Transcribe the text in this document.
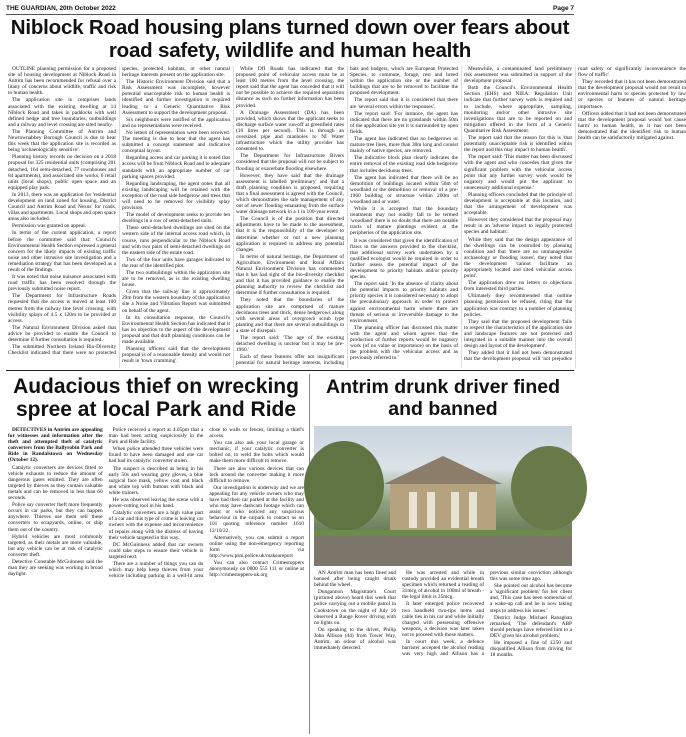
THE GUARDIAN, 20th October 2022	Page 7
Niblock Road housing plans turned down over fears about road safety, wildlife and human health

OUTLINE planning permission for a proposed site of housing development at Niblock Road in Antrim has been recommended for refusal over a litany of concerns about wildlife, traffic and risk to human health.

The application site is comprises lands associated with the existing dwelling at 14 Niblock Road and takes in paddocks with well defined hedge and tree boundaries, outbuildings and a railway and level crossing are sited nearby.

The Planning Committee of Antrim and Newtownabbey Borough Council is due to hear this week that the application site is recorded as being 'archaeologically sensitive'.

Planning history records no decision on a 2018 proposal for 325 residential units (comprising 201 detached, 164 semi-detached, 77 townhouses and 84 apartments), and associated site works, 6 retail units (local shops), public open space and an equipped play park.

In 2013, there was an application for 'residential development on land zoned for housing, District Council and Antrim Road and Nexus' for roads, villas and apartments. Local shops and open space areas also included.

Permission was granted on appeal.

In terms of the current application, a report before the committee said that: Council's Environmental Health Section expressed a general concern for the likely impacts of existing traffic noise and other intrusive site investigation and a remediation strategy that has been developed as a result of the findings.

It was noted that noise nuisance associated with road traffic has been resolved through the previously submitted noise report.

The Department for Infrastructure Roads requested that the access is moved at least 100 metres from the railway line level crossing, with visibility splays of 4.5 x 120m to be provided at access.

The Natural Environment Division asked that advice be provided to enable the Council to determine if further consultation is required.

The submitted Northern Ireland Bio-Diversity Checklist indicated that there were no protected species, protected habitats, or other natural heritage interests present on the application site.

The Historic Environment Division said that a Risk Assessment was incomplete, however potential unacceptable risk to human health is identified and further investigation is required leading to a Generic Quantitative Risk Assessment to support the development proposal.

Six neighbours were notified of the application and no representations were received.

No letters of representation were been received. The meeting is due to hear that the agent has submitted a concept statement and indicative conceptual layout.

Regarding access and car parking it is noted that access will be from Niblock Road and to adequate standards with an appropriate number of car parking spaces provided.

Regarding landscaping, the agent notes that all existing landscaping will be retained with the exception of the road side hedgerow and trees that will need to be removed for visibility splay provision.

The model of development seeks to provide ten dwellings in a row of semi-detached units.

These semi-detached dwellings are sited on the western side of the internal access road which, in course, runs perpendicular to the Niblock Road and with two pairs of semi-detached dwellings on the eastern side of the estate road.

Two of the four units have garages indicated to the rear of the identified plot.

The two outbuildings within the application site are to be removed, as is the existing dwelling house.

Given that the railway line is approximately 29m from the western boundary of the application site a Noise and Vibration Report was submitted on behalf of the agent.

In its consultation response, the Council's Environmental Health Section has indicated that it has no objection to the aspect of the development proposal and that draft planning conditions can be made available.

Planning officers said that the development proposal is of a reasonable density and would not result in 'town cramming'.

While DfI Roads has indicated that the proposed point of vehicular access must be at least 100 metres from the level crossing, the report said that the agent has conceded that it will not be possible to achieve the required separation distance as such no further information has been provided.

A Drainage Assessment (DA) has been provided, which shows that the applicant seeks to discharge surface water run-off at greenfield rates (10 litres per second). This is through an oversized pipe and manholes to NI Water infrastructure which the utility provider has consented to.

The Department for Infrastructure Rivers considered that the proposal will not be subject to flooding or exacerbate flooding elsewhere.

However, they have said that the drainage assessment is labelled 'preliminary' and that a draft planning condition is proposed, requiring that a final assessment is agreed with the Council, which demonstrates the safe management of any out of sewer flooding emanating from the surface water drainage network in a 1 in 100-year event.

The Council is of the position that directed adjustments have to be made to the assessment, that it is the responsibility of the developer to determine whether or not a new planning application is required to address any potential changes.

In terms of natural heritage, the Department of Agriculture, Environment and Rural Affairs Natural Environment Division has commented that it has had sight of the bio-diversity checklist and that it has provided guidance to enable the planning authority to review the checklist and determine if further consultation is required.

They noted that the boundaries of the application site are comprised of mature deciduous trees and thick, dense hedgerows along with several areas of overgrown scrub type planting and that there are several outbuildings in a state of disrepair.

The report said: 'The age of the existing detached dwelling is unclear but it may be pre-1960.'

Each of these features offer not insignificant potential for natural heritage interests, including bats and badgers, which are European Protected Species, to commute, forage, rest and breed within the application site or the number of buildings that are to be removed to facilitate the proposed development.

The report said that it is considered that there are 'several errors within the responses'.

The report said: 'For instance, the agent has indicated that there are no grasslands within 50m of the application site yet it is surrounded by open fields.

The agent has indicated that no hedgerows or mature tree lines, more than 30m long and consist mainly of native species, are removed.

The indicative block plan clearly indicates the entire removal of the existing road side hedgerow that includes deciduous trees.

The agent has indicated that there will be no demolition of buildings located within 50m of woodland or the demolition or removal of a pre-1960 building or structure within 200m of woodland and or water.

While it is accepted that the boundary treatments may not readily fall to be termed 'woodland' there is no doubt that there are notable tracts of mature plantings evident at the peripheries of the application site.

It was considered that given the identification of flaws in the answers provided to the checklist, that additional survey work undertaken by a qualified ecologist would be required in order to further assess the potential impact of the development to priority habitats and/or priority species.

The report said: 'In the absence of clarity about the potential impacts to priority habitats and priority species it is considered necessary to adopt the precautionary approach in order to protect against environmental harm where there are threats of serious or irreversible damage to the environment.

The planning officer has discussed this matter with the agent and whom agrees that the production of further reports would be nugatory work (of no value or importance) on the basis of the problem with the vehicular access and as previously referred to.'

Meanwhile, a contaminated land preliminary risk assessment was submitted in support of the development proposal.

Both the Council's Environmental Health Section (EHS) and NIEA: Regulation Unit indicate that further survey work is required and to include, where appropriate, sampling, monitoring and/or other intrusive site investigations that are to be reported on and mitigation offered in the form of a Generic Quantitative Risk Assessment.

The report said that the reason for this is 'that potentially unacceptable risk is identified within the report and this may impact to human health'.

The report said: 'This matter has been discussed with the agent and who concedes that given the significant problem with the vehicular access point that any further survey work would be nugatory and would put the applicant to unnecessary additional expense.'

Planning officers concluded that the principle of development is acceptable at this location, and that the arrangement of development was acceptable.

However they considered that the proposal may result in an 'adverse impact to legally protected species and habitats'.

While they said that the design appearance of the dwellings can be controlled by planning condition and that 'there are no unmanageable archaeology or flooding issues', they noted that the development 'cannot facilitate an appropriately located and sited vehicular access point'.

The application drew no letters or objections from interested third parties.

Ultimately they recommended that outline planning permission be refused, citing that the application was contrary to a number of planning policies.

They said that the proposed development 'fails to respect the characteristics of the application site and landscape features are not protected and integrated in a suitable manner into the overall design and layout of the development'.

They added that it had not been demonstrated that the development proposal will 'not prejudice road safety or significantly inconvenience the flow of traffic'.

They recorded that it has not been demonstrated that the development proposal would not result in environmental harm to species protected by law or species or features of natural heritage importance.

Officers added that it had not been demonstrated that the development proposal would 'not cause harm' to human health, as it has not been demonstrated that the identified risk to human health can be satisfactorily mitigated against.

Audacious thief on wrecking spree at local Park and Ride

DETECTIVES in Antrim are appealing for witnesses and information after the theft and attempted theft of catalytic converters from the Ballyrobin Park and Ride in Randalstown on Wednesday (October 12).

Catalytic converters are devices fitted to vehicle exhausts to reduce the amount of dangerous gases emitted. They are often targeted by thieves as they contain valuable metals and can be removed in less than 60 seconds.

Police say converter theft more frequently occurs in car parks, but they can happen anywhere. Thieves use them sell these converters to scrapyards, online, or ship them out of the country.

Hybrid vehicles are most commonly targeted, as their metals are more valuable, but any vehicle can be at risk of catalytic converter theft.

Detective Constable McGuinness said the man they are seeking was working in broad daylight.

Police received a report at 4.05pm that a man had been acting suspiciously in the Park and Ride facility.

When police attended three vehicles were found to have been damaged and one car had had its catalytic converter stolen.

The suspect is described as being in his early 50s and wearing grey gloves, a blue surgical face mask, yellow coat and black and white top with buttons with black and white trainers.

He was observed leaving the scene with a power-cutting tool in his hand.

Catalytic converters are a high value part of a car and this type of crime is leaving car owners with the expense and inconvenience of repairs along with the distress of having their vehicle targeted in this way.

DC McGuinness added that car owners could take steps to ensure their vehicle is targeted next.

There are a number of things you can do which may help keep thieves from your vehicle including parking in a well-lit area close to walls or fences, limiting a thief's access.

You can also ask your local garage or mechanic, if your catalytic converter is bolted on, to weld the bolts which would make them more difficult to remove.

There are also various devices that can lock around the converter making it more difficult to remove.

Our investigation is underway and we are appealing for any vehicle owners who may have had their car parked at the facility and who may have dashcam footage which can assist or who noticed any suspicious behaviour in the carpark to contact us on 101 quoting reference number 1610 12/10/22.

Alternatively, you can submit a report online using the non-emergency reporting form via http://www.psni.police.uk/makeareport

You can also contact Crimestoppers anonymously on 0800 555 111 or online at http://crimestoppers-uk.org

Antrim drunk driver fined and banned

AN Antrim man has been fined and banned after being caught drunk behind the wheel.

Dungannon Magistrate's Court (pictured above) heard this week that police carrying out a mobile patrol in Cookstown on the night of July 16 observed a Range Rover driving with no lights on.

On speaking to the driver, Philip John Allison (44) from Tower Way, Antrim, an odour of alcohol was immediately detected.

He was arrested and while in custody provided an evidential breath specimen which returned a reading of 31mcg of alcohol in 100ml of breath - the legal limit is 35mcg.

It later emerged police recovered two handheld two-tips items and cable ties in his car and while initially charged with possessing offensive weapons, a decision was later taken not to proceed with those matters.

In court this week, a defence barrister accepted the alcohol reading was very high and Allison has a previous similar conviction although this was some time ago.

She pointed out alcohol has become a 'significant problem' for her client and, 'This case has been somewhat of a wake-up call and he is now taking steps to address his issues.'

District Judge Michael Ranaghan remarked, 'The defendant's ABP should perhaps have referred him to a DEV given his alcohol problem.'

He imposed a fine of £250 and disqualified Allison from driving for 18 months.
